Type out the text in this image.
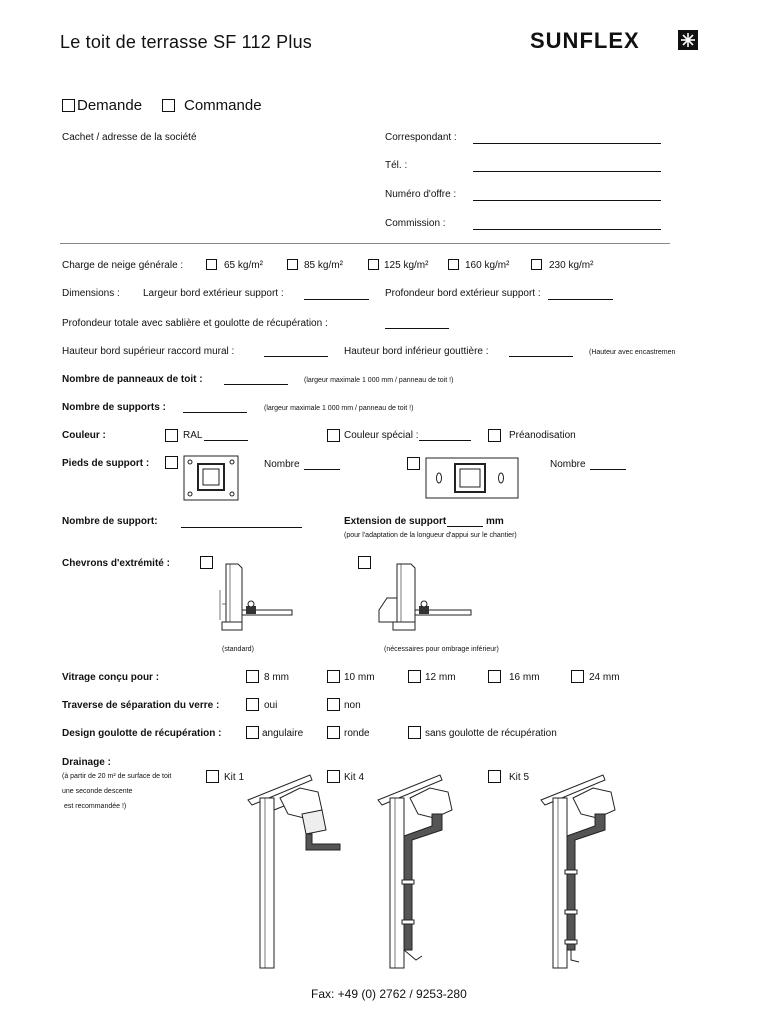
Le toit de terrasse SF 112 Plus	SUNFLEX
Demande	Commande
Cachet / adresse de la société	Correspondant :
Tél. :
Numéro d'offre :
Commission :
Charge de neige générale :	65 kg/m²	85 kg/m²	125 kg/m²	160 kg/m²	230 kg/m²
Dimensions : Largeur bord extérieur support :	Profondeur bord extérieur support :
Profondeur totale avec sablière et goulotte de récupération :
Hauteur bord supérieur raccord mural :	Hauteur bord inférieur gouttière :	(Hauteur avec encastremen
Nombre de panneaux de toit :	(largeur maximale 1 000 mm / panneau de toit !)
Nombre de supports :	(largeur maximale 1 000 mm / panneau de toit !)
Couleur :	RAL	Couleur spécial :	Préanodisation
Pieds de support :	Nombre	Nombre
Nombre de support:	Extension de support	mm
(pour l'adaptation de la longueur d'appui sur le chantier)
Chevrons d'extrémité :
(standard)	(nécessaires pour ombrage inférieur)
Vitrage conçu pour :	8 mm	10 mm	12 mm	16 mm	24 mm
Traverse de séparation du verre :	oui	non
Design goulotte de récupération :	angulaire	ronde	sans goulotte de récupération
Drainage :
(à partir de 20 m² de surface de toit
une seconde descente
est recommandée !)
Kit 1	Kit 4	Kit 5
Fax: +49 (0) 2762 / 9253-280
